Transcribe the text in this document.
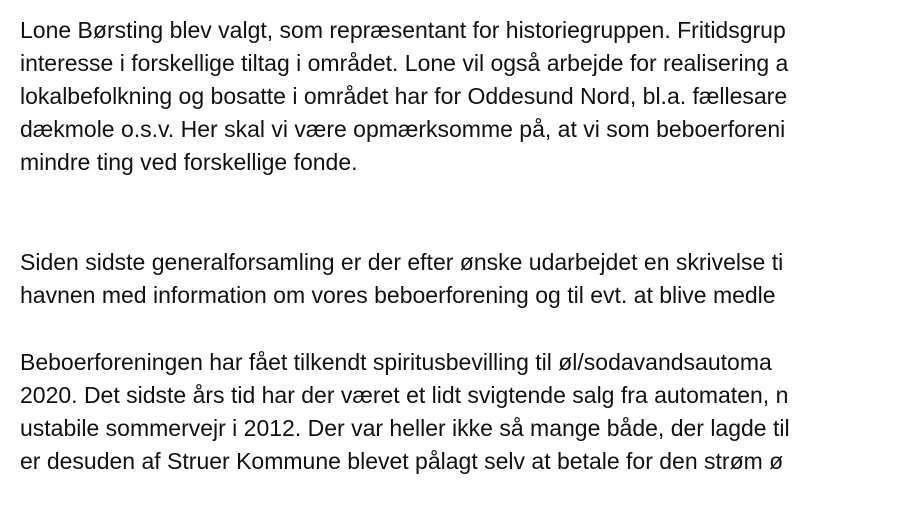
Lone Børsting blev valgt, som repræsentant for historiegruppen. Fritidsgrup
interesse i forskellige tiltag i området. Lone vil også arbejde for realisering a
lokalbefolkning og bosatte i området har for Oddesund Nord, bl.a. fællesare
dækmole o.s.v. Her skal vi være opmærksomme på, at vi som beboerforeni
mindre ting ved forskellige fonde.
Siden sidste generalforsamling er der efter ønske udarbejdet en skrivelse ti
havnen med information om vores beboerforening og til evt. at blive medle
Beboerforeningen har fået tilkendt spiritusbevilling til øl/sodavandsautoma
2020. Det sidste års tid har der været et lidt svigtende salg fra automaten, n
ustabile sommervejr i 2012. Der var heller ikke så mange både, der lagde til
er desuden af Struer Kommune blevet pålagt selv at betale for den strøm ø
